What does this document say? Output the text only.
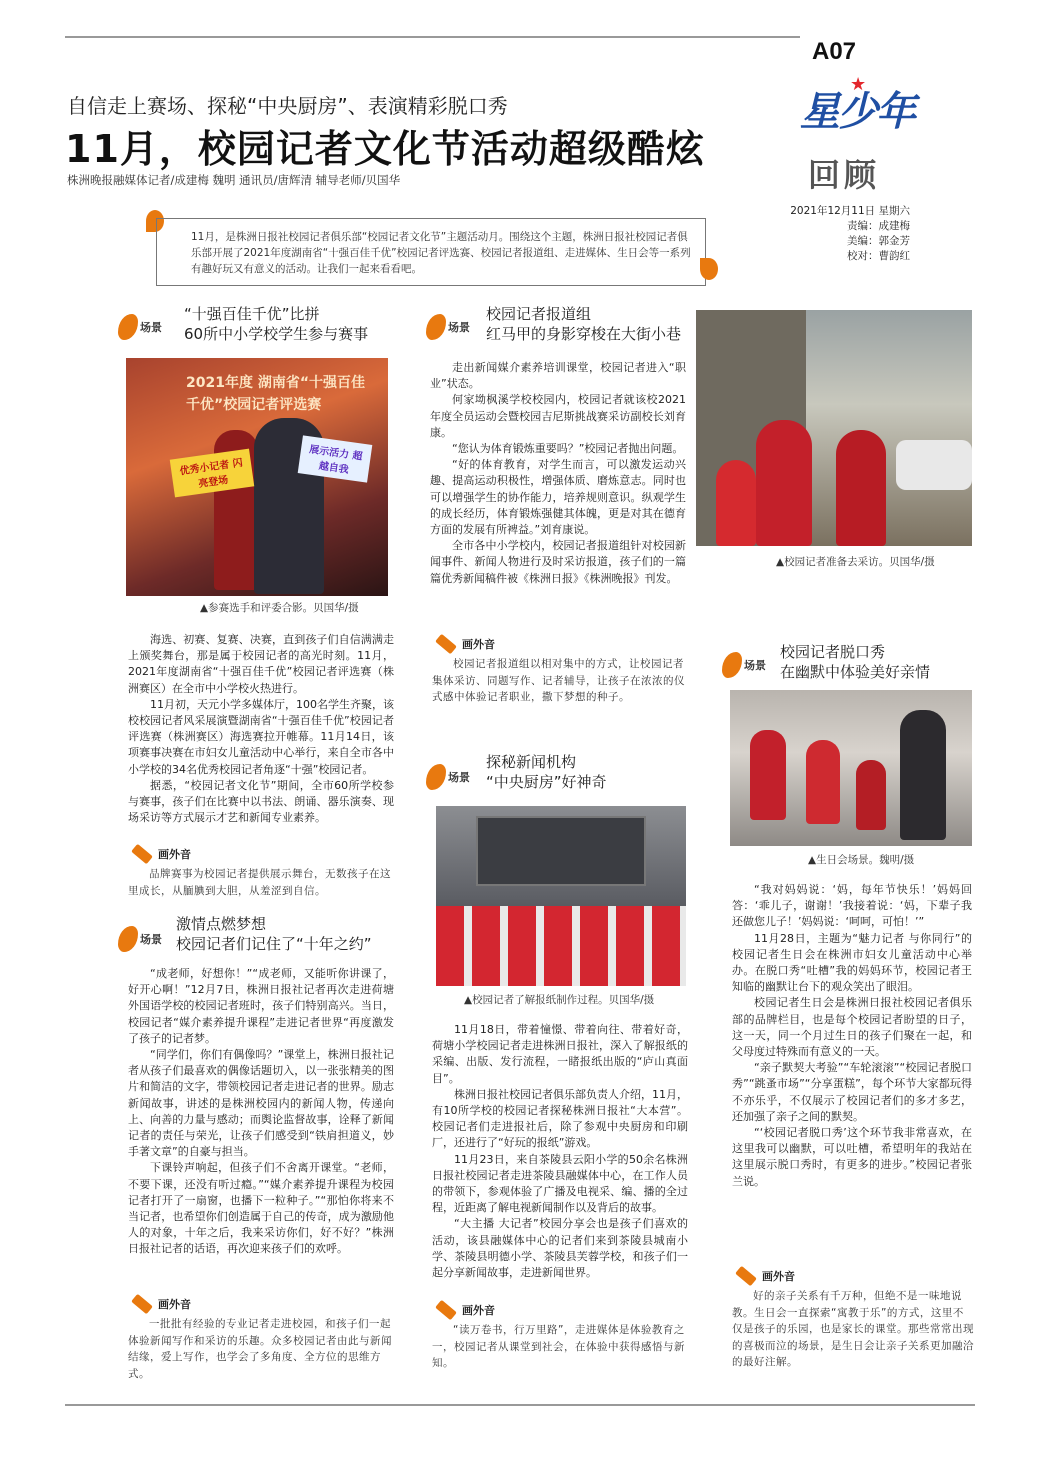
A07
星少年
★
回顾
2021年12月11日 星期六
责编：成建梅
美编：郭金芳
校对：曹韵红
自信走上赛场、探秘“中央厨房”、表演精彩脱口秀
11月，校园记者文化节活动超级酷炫
株洲晚报融媒体记者/成建梅 魏明 通讯员/唐辉清 辅导老师/贝国华
11月，是株洲日报社校园记者俱乐部“校园记者文化节”主题活动月。围绕这个主题，株洲日报社校园记者俱乐部开展了2021年度湖南省“十强百佳千优”校园记者评选赛、校园记者报道组、走进媒体、生日会等一系列有趣好玩又有意义的活动。让我们一起来看看吧。
场景
“十强百佳千优”比拼
60所中小学校学生参与赛事
2021年度 湖南省“十强百佳千优”校园记者评选赛
优秀小记者 闪亮登场
展示活力 超越自我
▲参赛选手和评委合影。贝国华/摄

海选、初赛、复赛、决赛，直到孩子们自信满满走上颁奖舞台，那是属于校园记者的高光时刻。11月，2021年度湖南省“十强百佳千优”校园记者评选赛（株洲赛区）在全市中小学校火热进行。

11月初，天元小学多媒体厅，100名学生齐聚，该校校园记者风采展演暨湖南省“十强百佳千优”校园记者评选赛（株洲赛区）海选赛拉开帷幕。11月14日，该项赛事决赛在市妇女儿童活动中心举行，来自全市各中小学校的34名优秀校园记者角逐“十强”校园记者。

据悉，“校园记者文化节”期间，全市60所学校参与赛事，孩子们在比赛中以书法、朗诵、器乐演奏、现场采访等方式展示才艺和新闻专业素养。

画外音
品牌赛事为校园记者提供展示舞台，无数孩子在这里成长，从腼腆到大胆，从羞涩到自信。
场景
激情点燃梦想
校园记者们记住了“十年之约”

“成老师，好想你！”“成老师，又能听你讲课了，好开心啊！”12月7日，株洲日报社记者再次走进荷塘外国语学校的校园记者班时，孩子们特别高兴。当日，校园记者“媒介素养提升课程”走进记者世界“再度激发了孩子的记者梦。

“同学们，你们有偶像吗？”课堂上，株洲日报社记者从孩子们最喜欢的偶像话题切入，以一张张精美的图片和简洁的文字，带领校园记者走进记者的世界。励志新闻故事，讲述的是株洲校园内的新闻人物，传递向上、向善的力量与感动；而舆论监督故事，诠释了新闻记者的责任与荣光，让孩子们感受到“铁肩担道义，妙手著文章”的自豪与担当。

下课铃声响起，但孩子们不舍离开课堂。“老师，不要下课，还没有听过瘾。”“媒介素养提升课程为校园记者打开了一扇窗，也播下一粒种子。”“那怕你将来不当记者，也希望你们创造属于自己的传奇，成为激励他人的对象，十年之后，我来采访你们，好不好？”株洲日报社记者的话语，再次迎来孩子们的欢呼。

画外音
一批批有经验的专业记者走进校园，和孩子们一起体验新闻写作和采访的乐趣。众多校园记者由此与新闻结缘，爱上写作，也学会了多角度、全方位的思维方式。
场景
校园记者报道组
红马甲的身影穿梭在大街小巷

走出新闻媒介素养培训课堂，校园记者进入“职业”状态。

何家坳枫溪学校校园内，校园记者就该校2021年度全员运动会暨校园吉尼斯挑战赛采访副校长刘育康。

“您认为体育锻炼重要吗？”校园记者抛出问题。

“好的体育教育，对学生而言，可以激发运动兴趣、提高运动积极性，增强体质、磨炼意志。同时也可以增强学生的协作能力，培养规则意识。纵观学生的成长经历，体育锻炼强健其体魄，更是对其在德育方面的发展有所裨益。”刘育康说。

全市各中小学校内，校园记者报道组针对校园新闻事件、新闻人物进行及时采访报道，孩子们的一篇篇优秀新闻稿件被《株洲日报》《株洲晚报》刊发。

▲校园记者准备去采访。贝国华/摄
画外音
校园记者报道组以相对集中的方式，让校园记者集体采访、同题写作、记者辅导，让孩子在浓浓的仪式感中体验记者职业，撒下梦想的种子。
场景
探秘新闻机构
“中央厨房”好神奇
▲校园记者了解报纸制作过程。贝国华/摄

11月18日，带着憧憬、带着向往、带着好奇，荷塘小学校园记者走进株洲日报社，深入了解报纸的采编、出版、发行流程，一睹报纸出版的“庐山真面目”。

株洲日报社校园记者俱乐部负责人介绍，11月，有10所学校的校园记者探秘株洲日报社“大本营”。校园记者们走进报社后，除了参观中央厨房和印刷厂，还进行了“好玩的报纸”游戏。

11月23日，来自茶陵县云阳小学的50余名株洲日报社校园记者走进茶陵县融媒体中心，在工作人员的带领下，参观体验了广播及电视采、编、播的全过程，近距离了解电视新闻制作以及背后的故事。

“大主播 大记者”校园分享会也是孩子们喜欢的活动，该县融媒体中心的记者们来到茶陵县城南小学、茶陵县明德小学、茶陵县芙蓉学校，和孩子们一起分享新闻故事，走进新闻世界。

画外音
“读万卷书，行万里路”，走进媒体是体验教育之一，校园记者从课堂到社会，在体验中获得感悟与新知。
场景
校园记者脱口秀
在幽默中体验美好亲情
▲生日会场景。魏明/摄

“我对妈妈说：‘妈，每年节快乐！’妈妈回答：‘乖儿子，谢谢！’我接着说：‘妈，下辈子我还做您儿子！’妈妈说：‘呵呵，可怕！’”

11月28日，主题为“魅力记者 与你同行”的校园记者生日会在株洲市妇女儿童活动中心举办。在脱口秀“吐槽”我的妈妈环节，校园记者王知临的幽默让台下的观众笑出了眼泪。

校园记者生日会是株洲日报社校园记者俱乐部的品牌栏目，也是每个校园记者盼望的日子，这一天，同一个月过生日的孩子们聚在一起，和父母度过特殊而有意义的一天。

“亲子默契大考验”“车轮滚滚”“校园记者脱口秀”“跳蚤市场”“分享蛋糕”，每个环节大家都玩得不亦乐乎，不仅展示了校园记者们的多才多艺，还加强了亲子之间的默契。

“‘校园记者脱口秀’这个环节我非常喜欢，在这里我可以幽默，可以吐槽，希望明年的我站在这里展示脱口秀时，有更多的进步。”校园记者张兰说。

画外音
好的亲子关系有千万种，但绝不是一味地说教。生日会一直探索“寓教于乐”的方式，这里不仅是孩子的乐园，也是家长的课堂。那些常常出现的喜极而泣的场景，是生日会让亲子关系更加融洽的最好注解。
